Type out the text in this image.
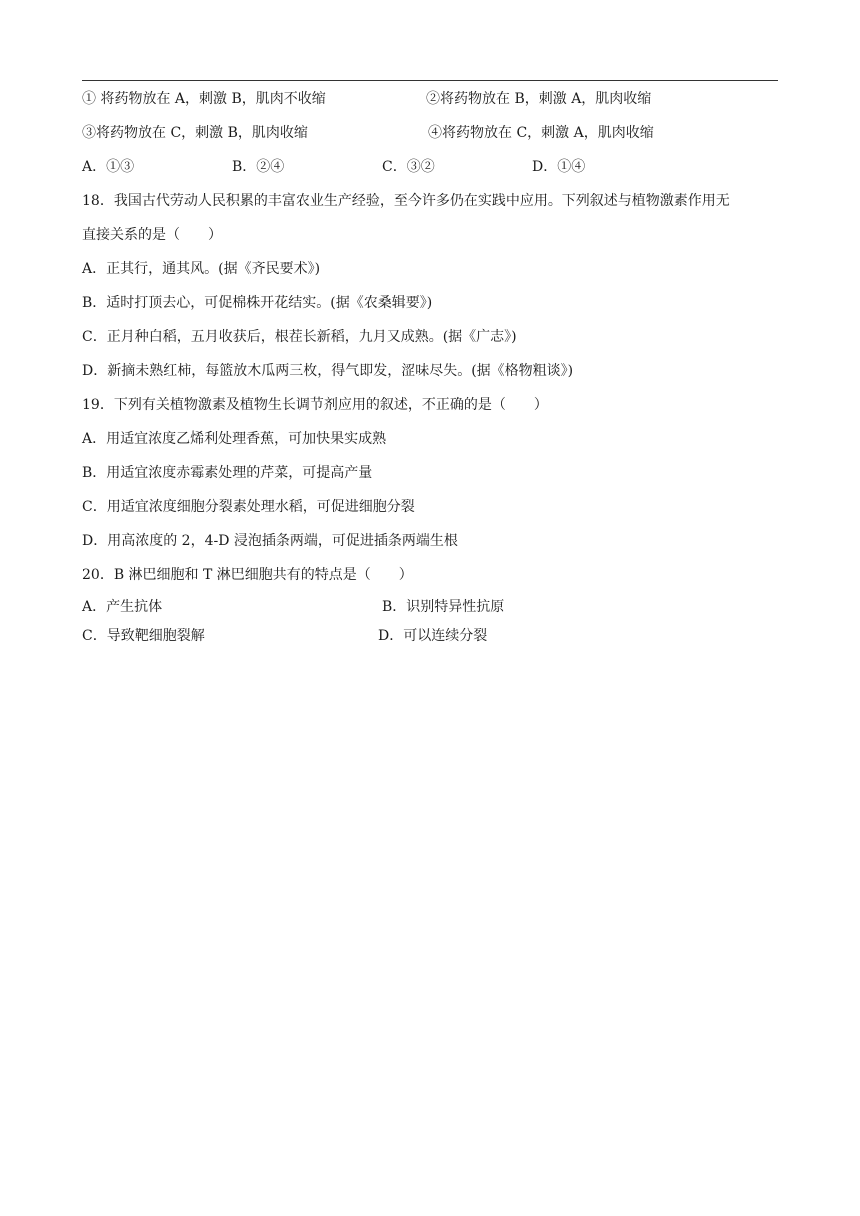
① 将药物放在 A，刺激 B，肌肉不收缩	②将药物放在 B，刺激 A，肌肉收缩
③将药物放在 C，刺激 B，肌肉收缩	④将药物放在 C，刺激 A，肌肉收缩
A．①③	B．②④	C．③②	D．①④
18．我国古代劳动人民积累的丰富农业生产经验，至今许多仍在实践中应用。下列叙述与植物激素作用无
直接关系的是（　　）
A．正其行，通其风。(据《齐民要术》)
B．适时打顶去心，可促棉株开花结实。(据《农桑辑要》)
C．正月种白稻，五月收获后，根茬长新稻，九月又成熟。(据《广志》)
D．新摘未熟红柿，每篮放木瓜两三枚，得气即发，涩味尽失。(据《格物粗谈》)
19．下列有关植物激素及植物生长调节剂应用的叙述，不正确的是（　　）
A．用适宜浓度乙烯利处理香蕉，可加快果实成熟
B．用适宜浓度赤霉素处理的芹菜，可提高产量
C．用适宜浓度细胞分裂素处理水稻，可促进细胞分裂
D．用高浓度的 2，4-D 浸泡插条两端，可促进插条两端生根
20．B 淋巴细胞和 T 淋巴细胞共有的特点是（　　）
A．产生抗体	B．识别特异性抗原
C．导致靶细胞裂解	D．可以连续分裂
